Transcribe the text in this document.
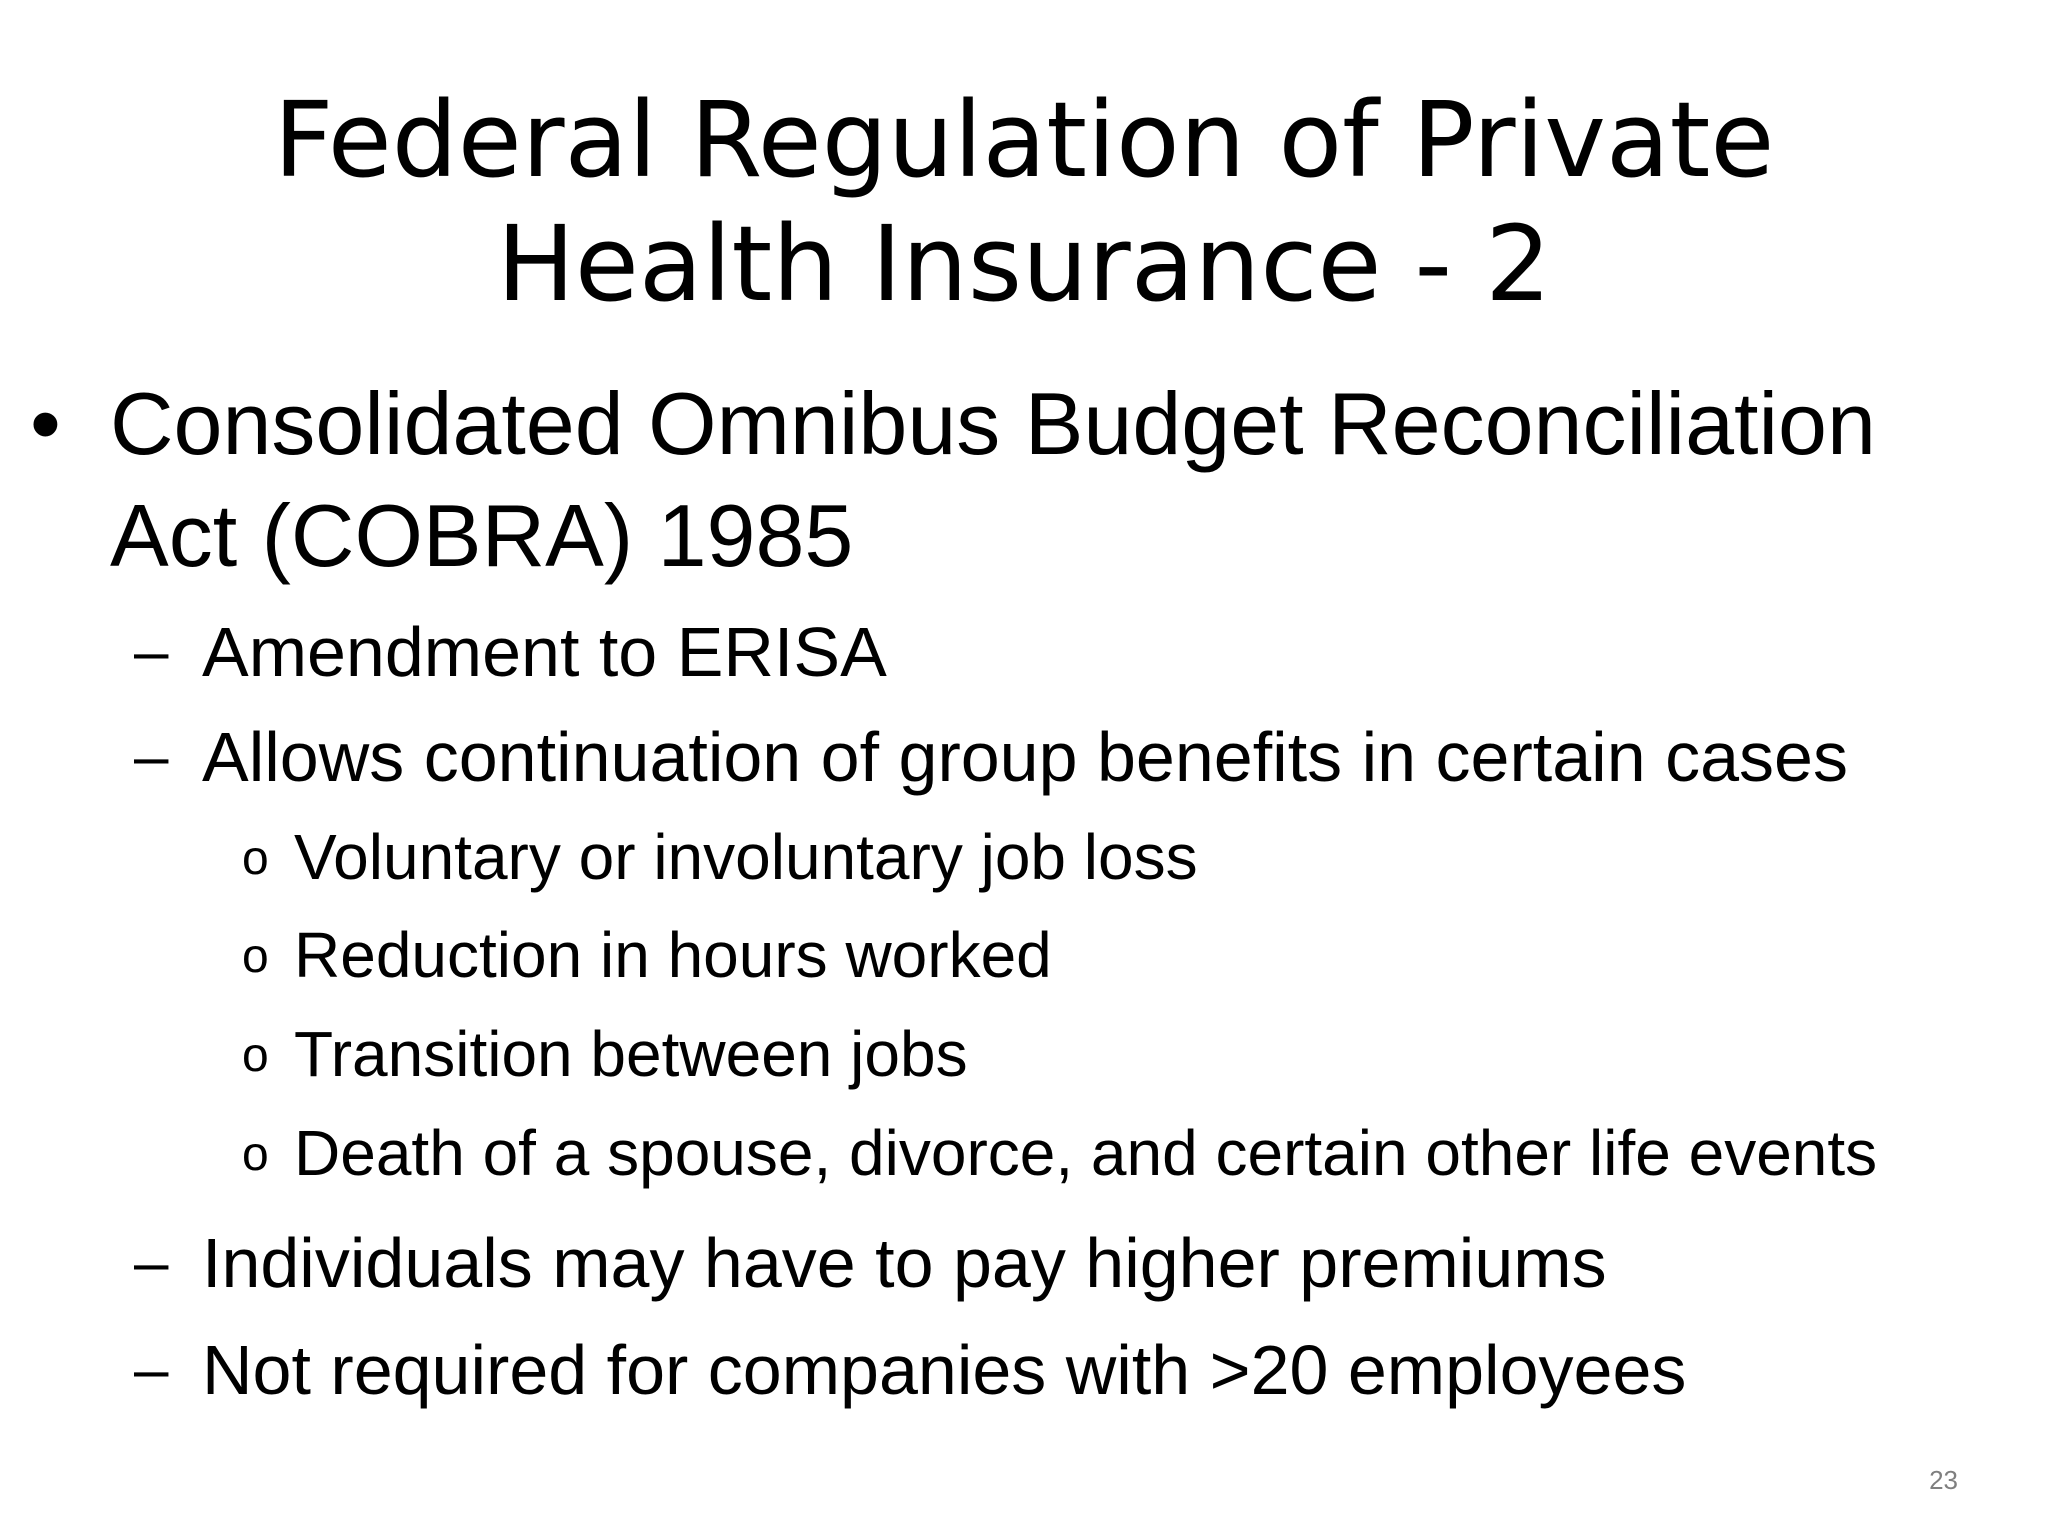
Federal Regulation of Private
Health Insurance - 2
• Consolidated Omnibus Budget Reconciliation
Act (COBRA) 1985
– Amendment to ERISA
– Allows continuation of group benefits in certain cases
o Voluntary or involuntary job loss
o Reduction in hours worked
o Transition between jobs
o Death of a spouse, divorce, and certain other life events
– Individuals may have to pay higher premiums
– Not required for companies with >20 employees
23
